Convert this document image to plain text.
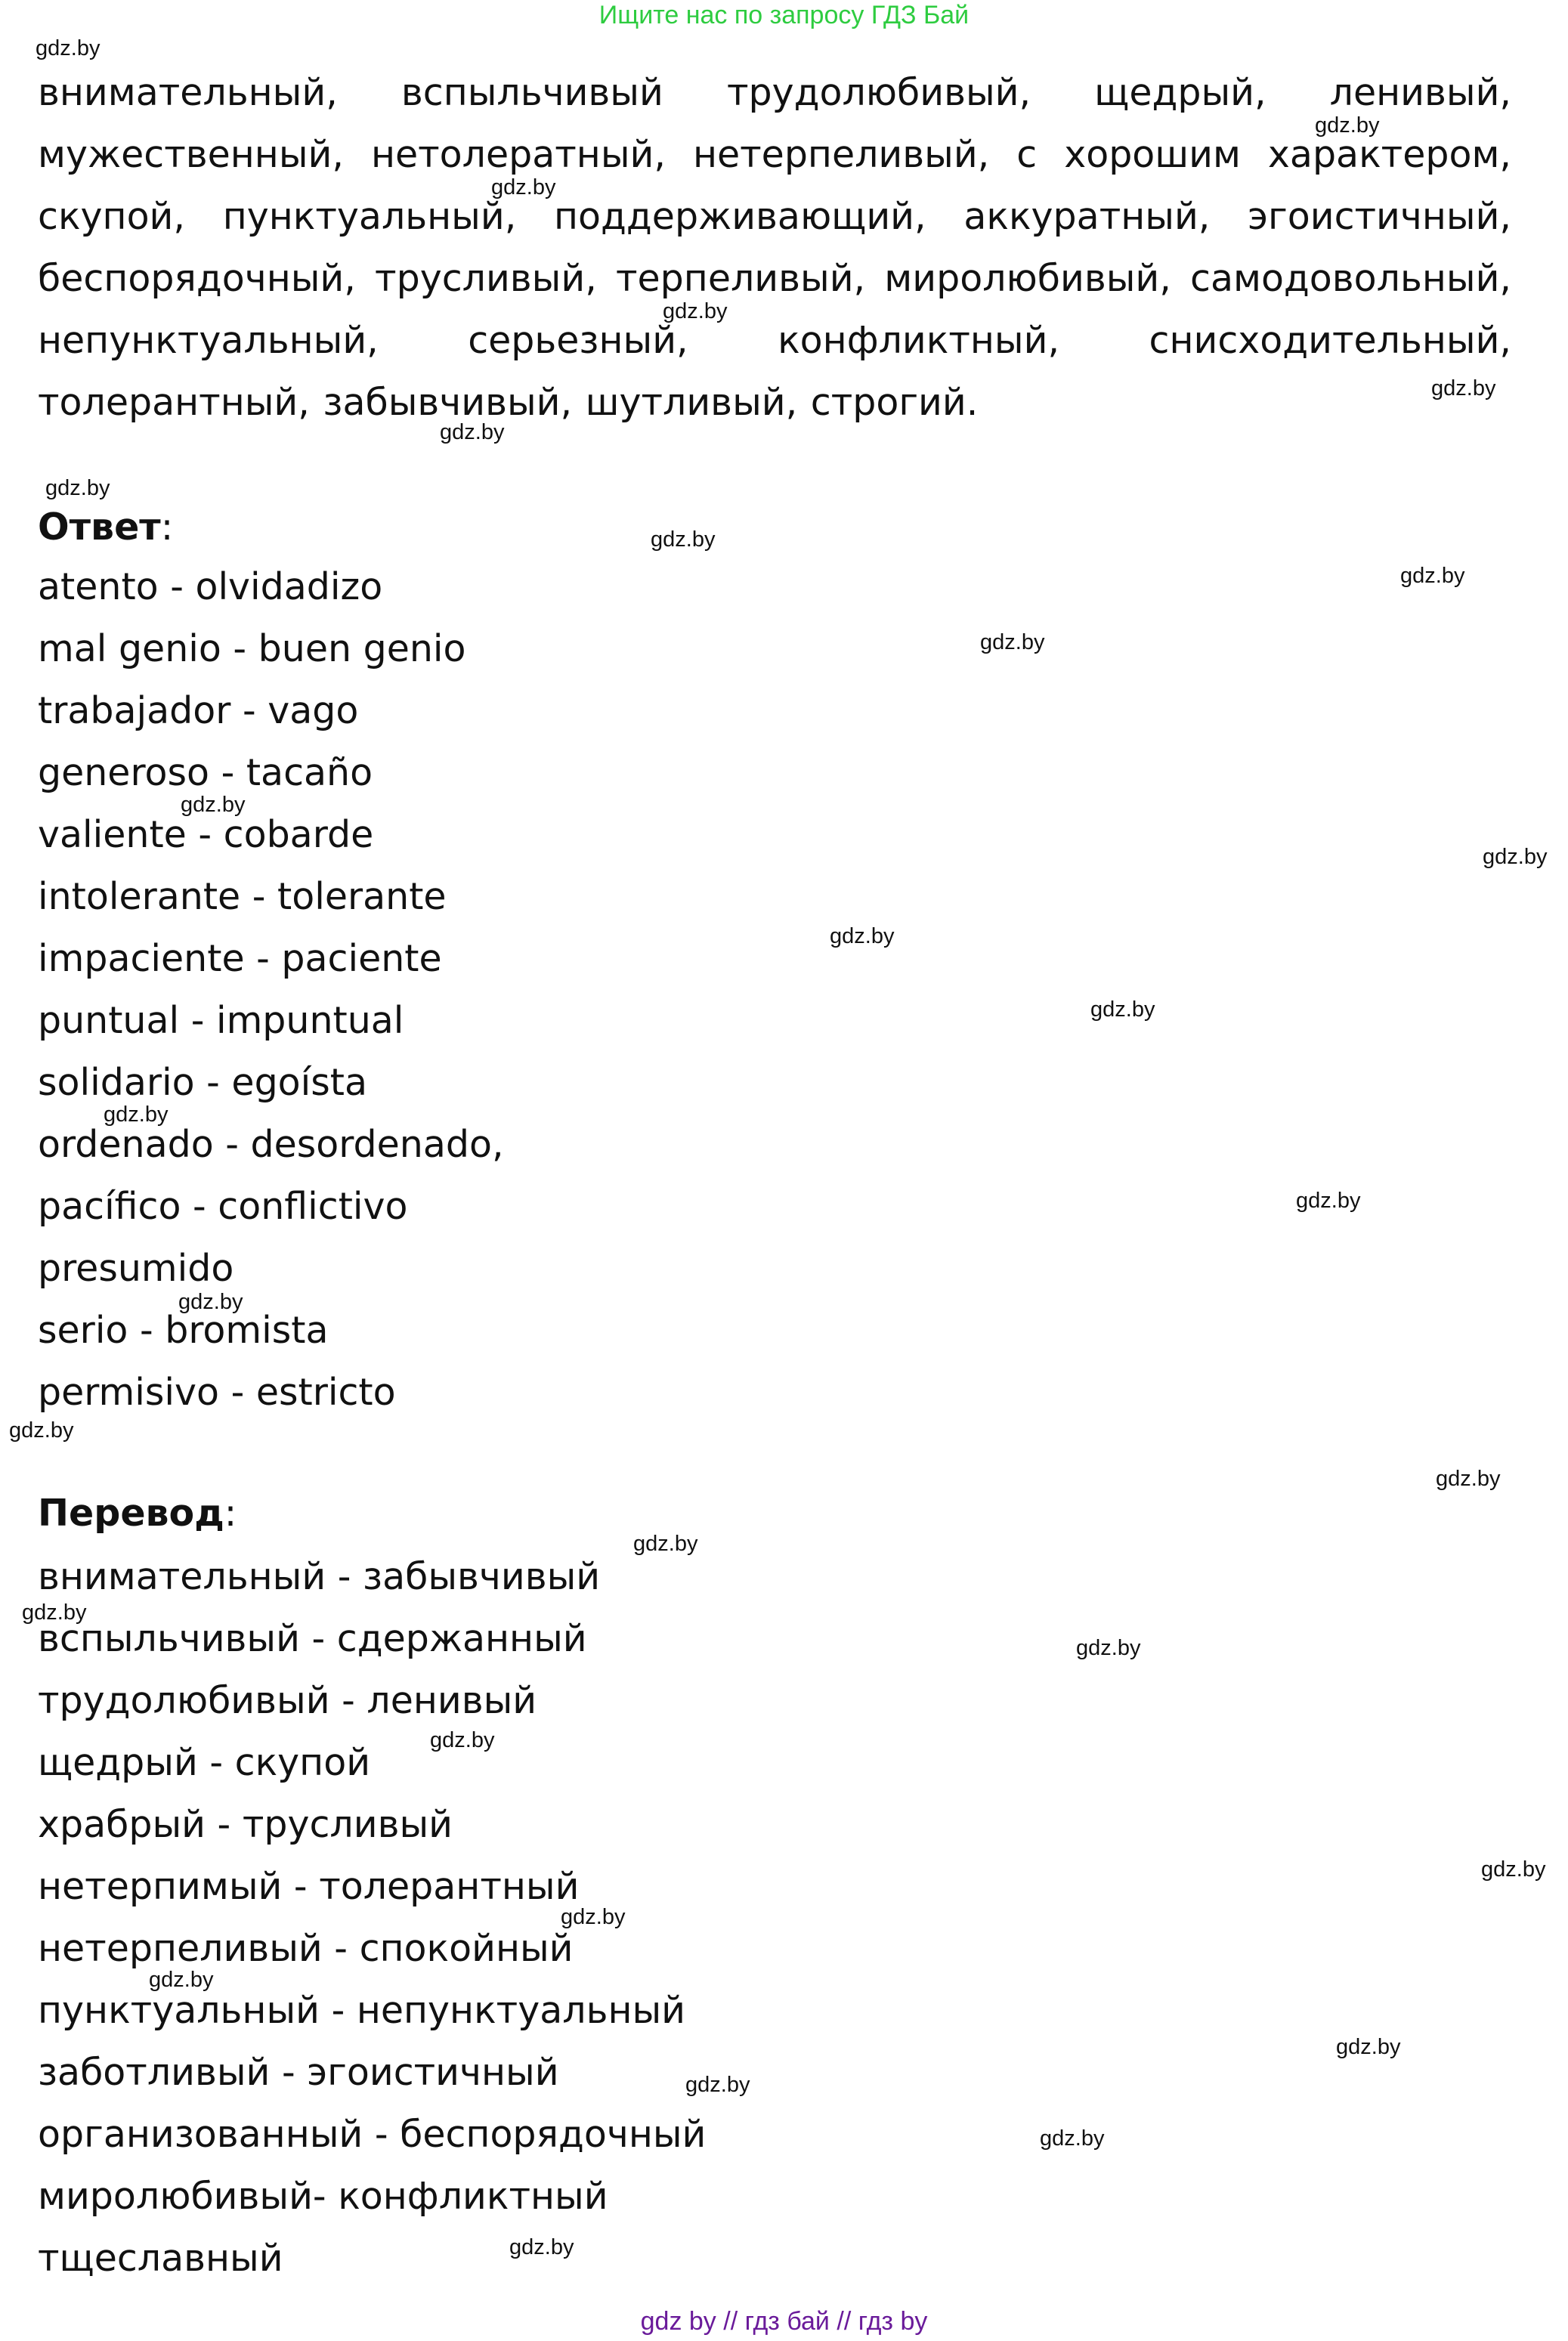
Ищите нас по запросу ГДЗ Бай
внимательный, вспыльчивый трудолюбивый, щедрый, ленивый, мужественный, нетолератный, нетерпеливый, с хорошим характером, скупой, пунктуальный, поддерживающий, аккуратный, эгоистичный, беспорядочный, трусливый, терпеливый, миролюбивый, самодовольный, непунктуальный, серьезный, конфликтный, снисходительный, толерантный, забывчивый, шутливый, строгий.
Ответ:
atento - olvidadizo
mal genio - buen genio
trabajador - vago
generoso - tacaño
valiente - cobarde
intolerante - tolerante
impaciente - paciente
puntual - impuntual
solidario - egoísta
ordenado - desordenado,
pacífico - conflictivo
presumido
serio - bromista
permisivo - estricto
Перевод:
внимательный - забывчивый
вспыльчивый - сдержанный
трудолюбивый - ленивый
щедрый - скупой
храбрый - трусливый
нетерпимый - толерантный
нетерпеливый - спокойный
пунктуальный - непунктуальный
заботливый - эгоистичный
организованный - беспорядочный
миролюбивый- конфликтный
тщеславный
gdz.by
gdz.by
gdz.by
gdz.by
gdz.by
gdz.by
gdz.by
gdz.by
gdz.by
gdz.by
gdz.by
gdz.by
gdz.by
gdz.by
gdz.by
gdz.by
gdz.by
gdz.by
gdz.by
gdz.by
gdz.by
gdz.by
gdz.by
gdz.by
gdz.by
gdz.by
gdz.by
gdz.by
gdz.by
gdz.by
gdz by // гдз бай // гдз by
